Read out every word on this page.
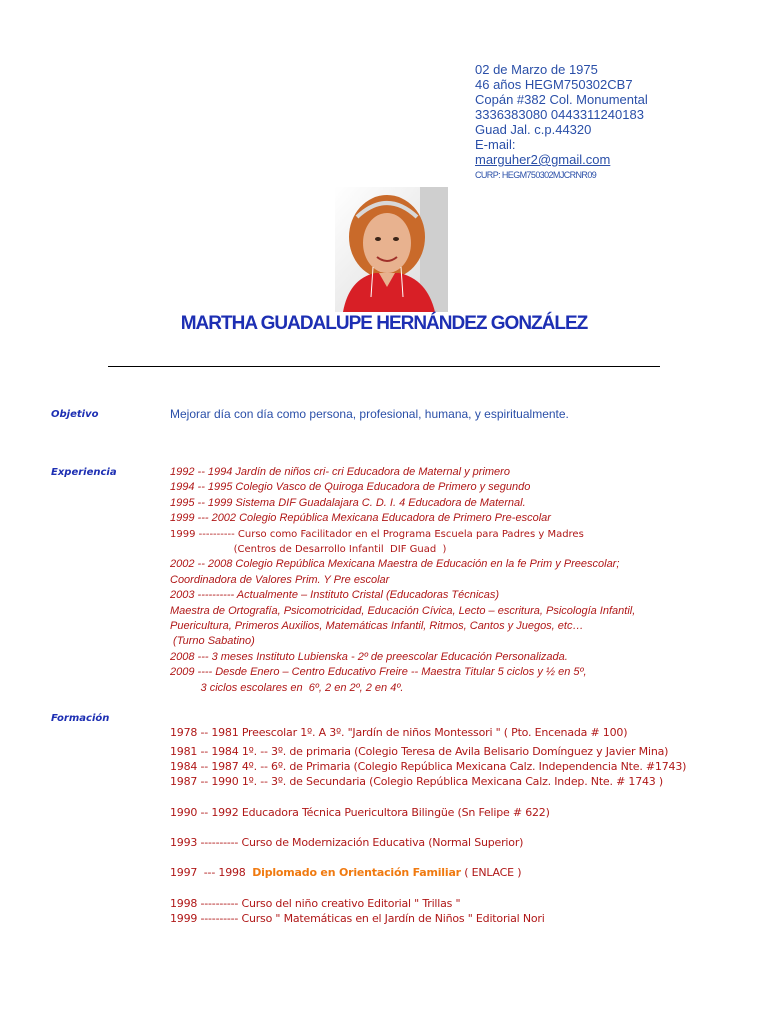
02 de Marzo de 1975
46 años HEGM750302CB7
Copán #382 Col. Monumental
3336383080 0443311240183
Guad Jal. c.p.44320
E-mail:
marguher2@gmail.com
CURP: HEGM750302MJCRNR09
MARTHA GUADALUPE HERNÁNDEZ GONZÁLEZ
Objetivo	Mejorar día con día como persona, profesional, humana, y espiritualmente.
Experiencia	1992 -- 1994 Jardín de niños cri- cri Educadora de Maternal y primero
1994 -- 1995 Colegio Vasco de Quiroga Educadora de Primero y segundo
1995 -- 1999 Sistema DIF Guadalajara C. D. I. 4 Educadora de Maternal.
1999 --- 2002 Colegio República Mexicana Educadora de Primero Pre-escolar
1999 ---------- Curso como Facilitador en el Programa Escuela para Padres y Madres
(Centros de Desarrollo Infantil  DIF Guad  )
2002 -- 2008 Colegio República Mexicana Maestra de Educación en la fe Prim y Preescolar;
Coordinadora de Valores Prim. Y Pre escolar
2003 ---------- Actualmente – Instituto Cristal (Educadoras Técnicas)
Maestra de Ortografía, Psicomotricidad, Educación Cívica, Lecto – escritura, Psicología Infantil,
Puericultura, Primeros Auxilios, Matemáticas Infantil, Ritmos, Cantos y Juegos, etc…
(Turno Sabatino)
2008 --- 3 meses Instituto Lubienska - 2º de preescolar Educación Personalizada.
2009 ---- Desde Enero – Centro Educativo Freire -- Maestra Titular 5 ciclos y ½ en 5º,
3 ciclos escolares en  6º, 2 en 2º, 2 en 4º.
Formación
1978 -- 1981 Preescolar 1º. A 3º. "Jardín de niños Montessori " ( Pto. Encenada # 100)
1981 -- 1984 1º. -- 3º. de primaria (Colegio Teresa de Avila Belisario Domínguez y Javier Mina)
1984 -- 1987 4º. -- 6º. de Primaria (Colegio República Mexicana Calz. Independencia Nte. #1743)
1987 -- 1990 1º. -- 3º. de Secundaria (Colegio República Mexicana Calz. Indep. Nte. # 1743 )
1990 -- 1992 Educadora Técnica Puericultora Bilingüe (Sn Felipe # 622)
1993 ---------- Curso de Modernización Educativa (Normal Superior)
1997  --- 1998  Diplomado en Orientación Familiar ( ENLACE )
1998 ---------- Curso del niño creativo Editorial " Trillas "
1999 ---------- Curso " Matemáticas en el Jardín de Niños " Editorial Nori
